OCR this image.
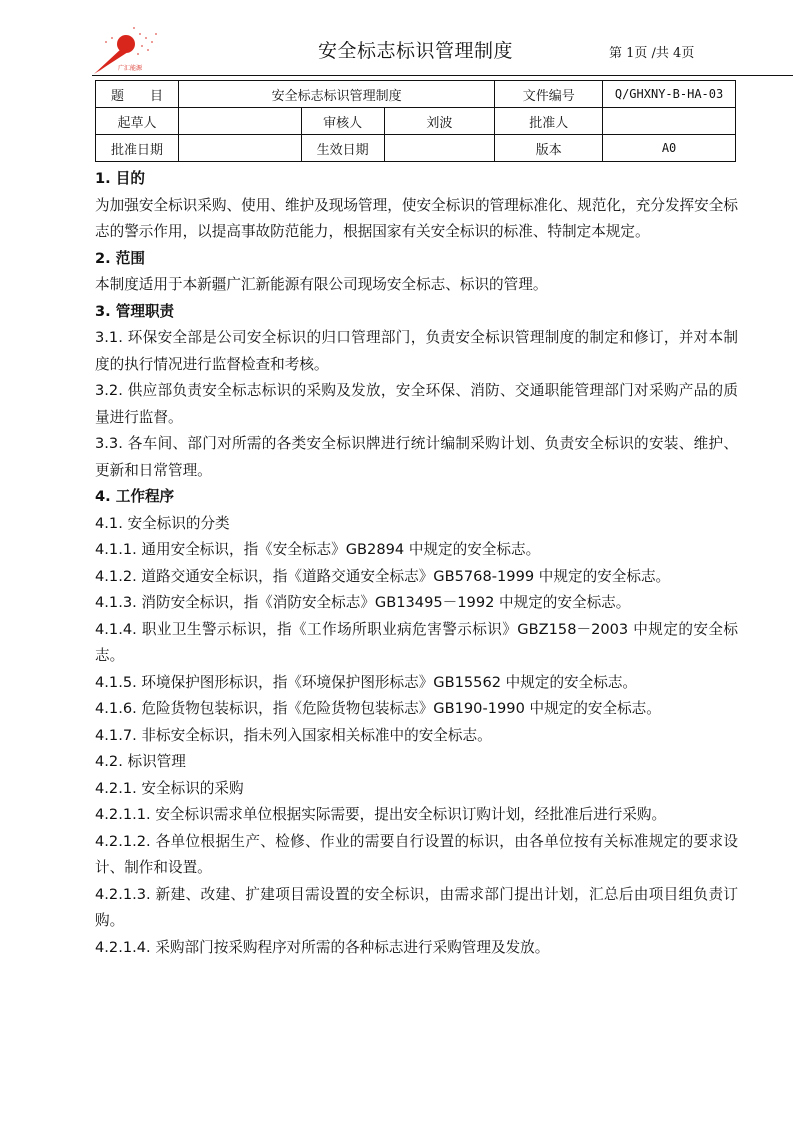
广汇能源
安全标志标识管理制度	第 1页 /共 4页
题　　目	安全标志标识管理制度			文件编号	Q/GHXNY-B-HA-03
起草人		审核人	刘波	批准人	
批准日期		生效日期		版本	A0

1. 目的

为加强安全标识采购、使用、维护及现场管理，使安全标识的管理标准化、规范化，充分发挥安全标志的警示作用，以提高事故防范能力，根据国家有关安全标识的标准、特制定本规定。

2. 范围

本制度适用于本新疆广汇新能源有限公司现场安全标志、标识的管理。

3. 管理职责

3.1. 环保安全部是公司安全标识的归口管理部门，负责安全标识管理制度的制定和修订，并对本制度的执行情况进行监督检查和考核。

3.2. 供应部负责安全标志标识的采购及发放，安全环保、消防、交通职能管理部门对采购产品的质量进行监督。

3.3. 各车间、部门对所需的各类安全标识牌进行统计编制采购计划、负责安全标识的安装、维护、更新和日常管理。

4. 工作程序

4.1. 安全标识的分类

4.1.1. 通用安全标识，指《安全标志》GB2894 中规定的安全标志。

4.1.2. 道路交通安全标识，指《道路交通安全标志》GB5768-1999 中规定的安全标志。

4.1.3. 消防安全标识，指《消防安全标志》GB13495－1992 中规定的安全标志。

4.1.4. 职业卫生警示标识，指《工作场所职业病危害警示标识》GBZ158－2003 中规定的安全标志。

4.1.5. 环境保护图形标识，指《环境保护图形标志》GB15562 中规定的安全标志。

4.1.6. 危险货物包装标识，指《危险货物包装标志》GB190-1990 中规定的安全标志。

4.1.7. 非标安全标识，指未列入国家相关标准中的安全标志。

4.2. 标识管理

4.2.1. 安全标识的采购

4.2.1.1. 安全标识需求单位根据实际需要，提出安全标识订购计划，经批准后进行采购。

4.2.1.2. 各单位根据生产、检修、作业的需要自行设置的标识，由各单位按有关标准规定的要求设计、制作和设置。

4.2.1.3. 新建、改建、扩建项目需设置的安全标识，由需求部门提出计划，汇总后由项目组负责订购。

4.2.1.4. 采购部门按采购程序对所需的各种标志进行采购管理及发放。
